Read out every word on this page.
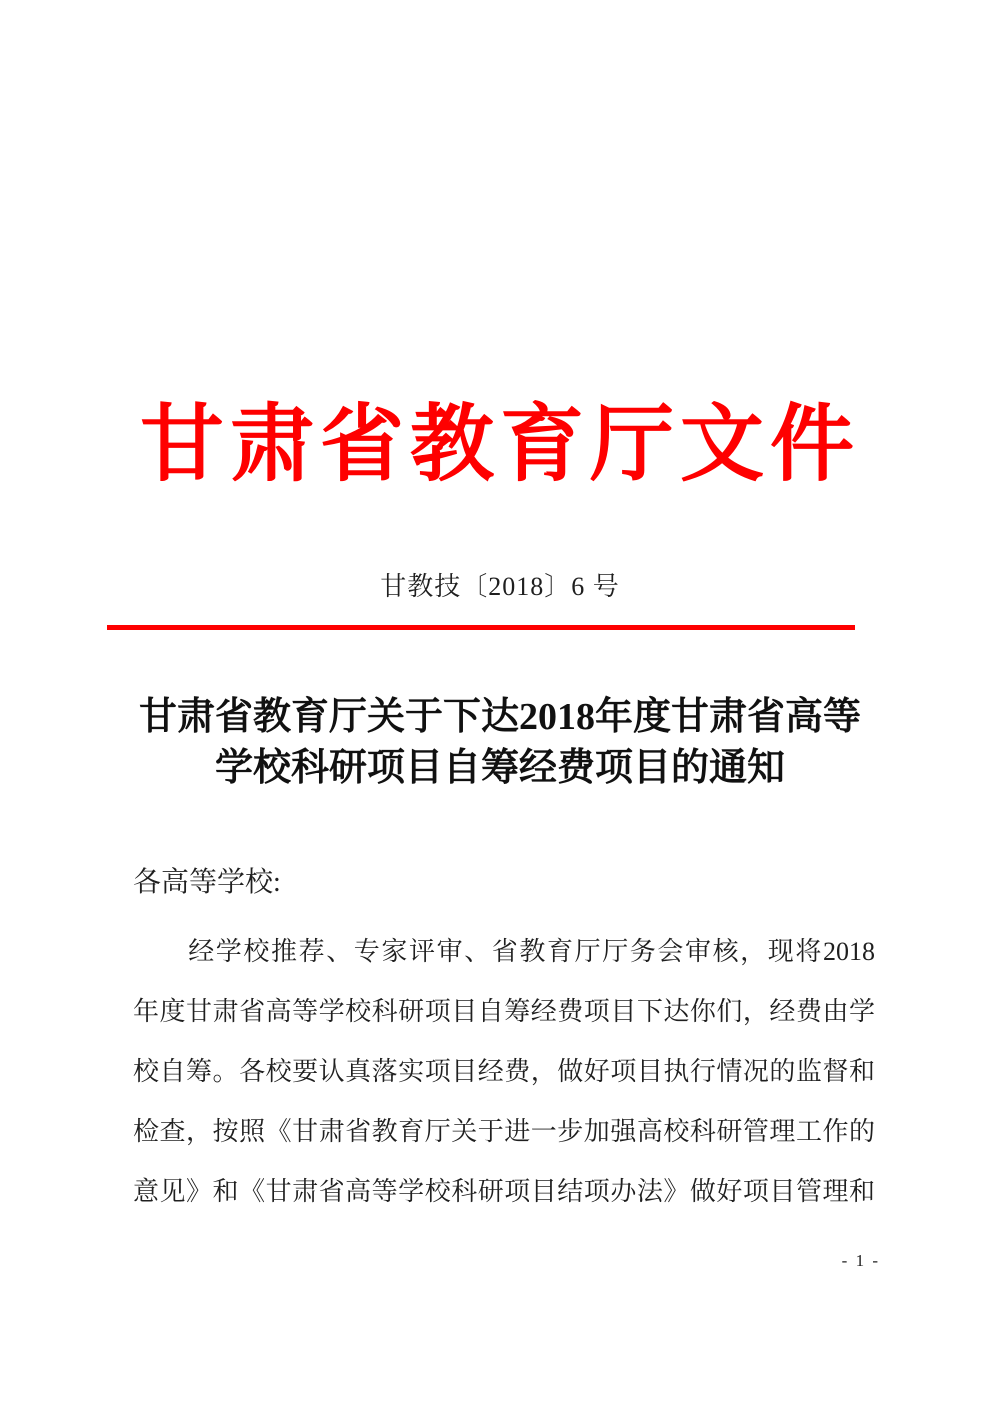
甘肃省教育厅文件
甘教技〔2018〕6 号
甘肃省教育厅关于下达2018年度甘肃省高等
学校科研项目自筹经费项目的通知
各高等学校:
　　经学校推荐、专家评审、省教育厅厅务会审核，现将2018
年度甘肃省高等学校科研项目自筹经费项目下达你们，经费由学
校自筹。各校要认真落实项目经费，做好项目执行情况的监督和
检查，按照《甘肃省教育厅关于进一步加强高校科研管理工作的
意见》和《甘肃省高等学校科研项目结项办法》做好项目管理和
- 1 -
